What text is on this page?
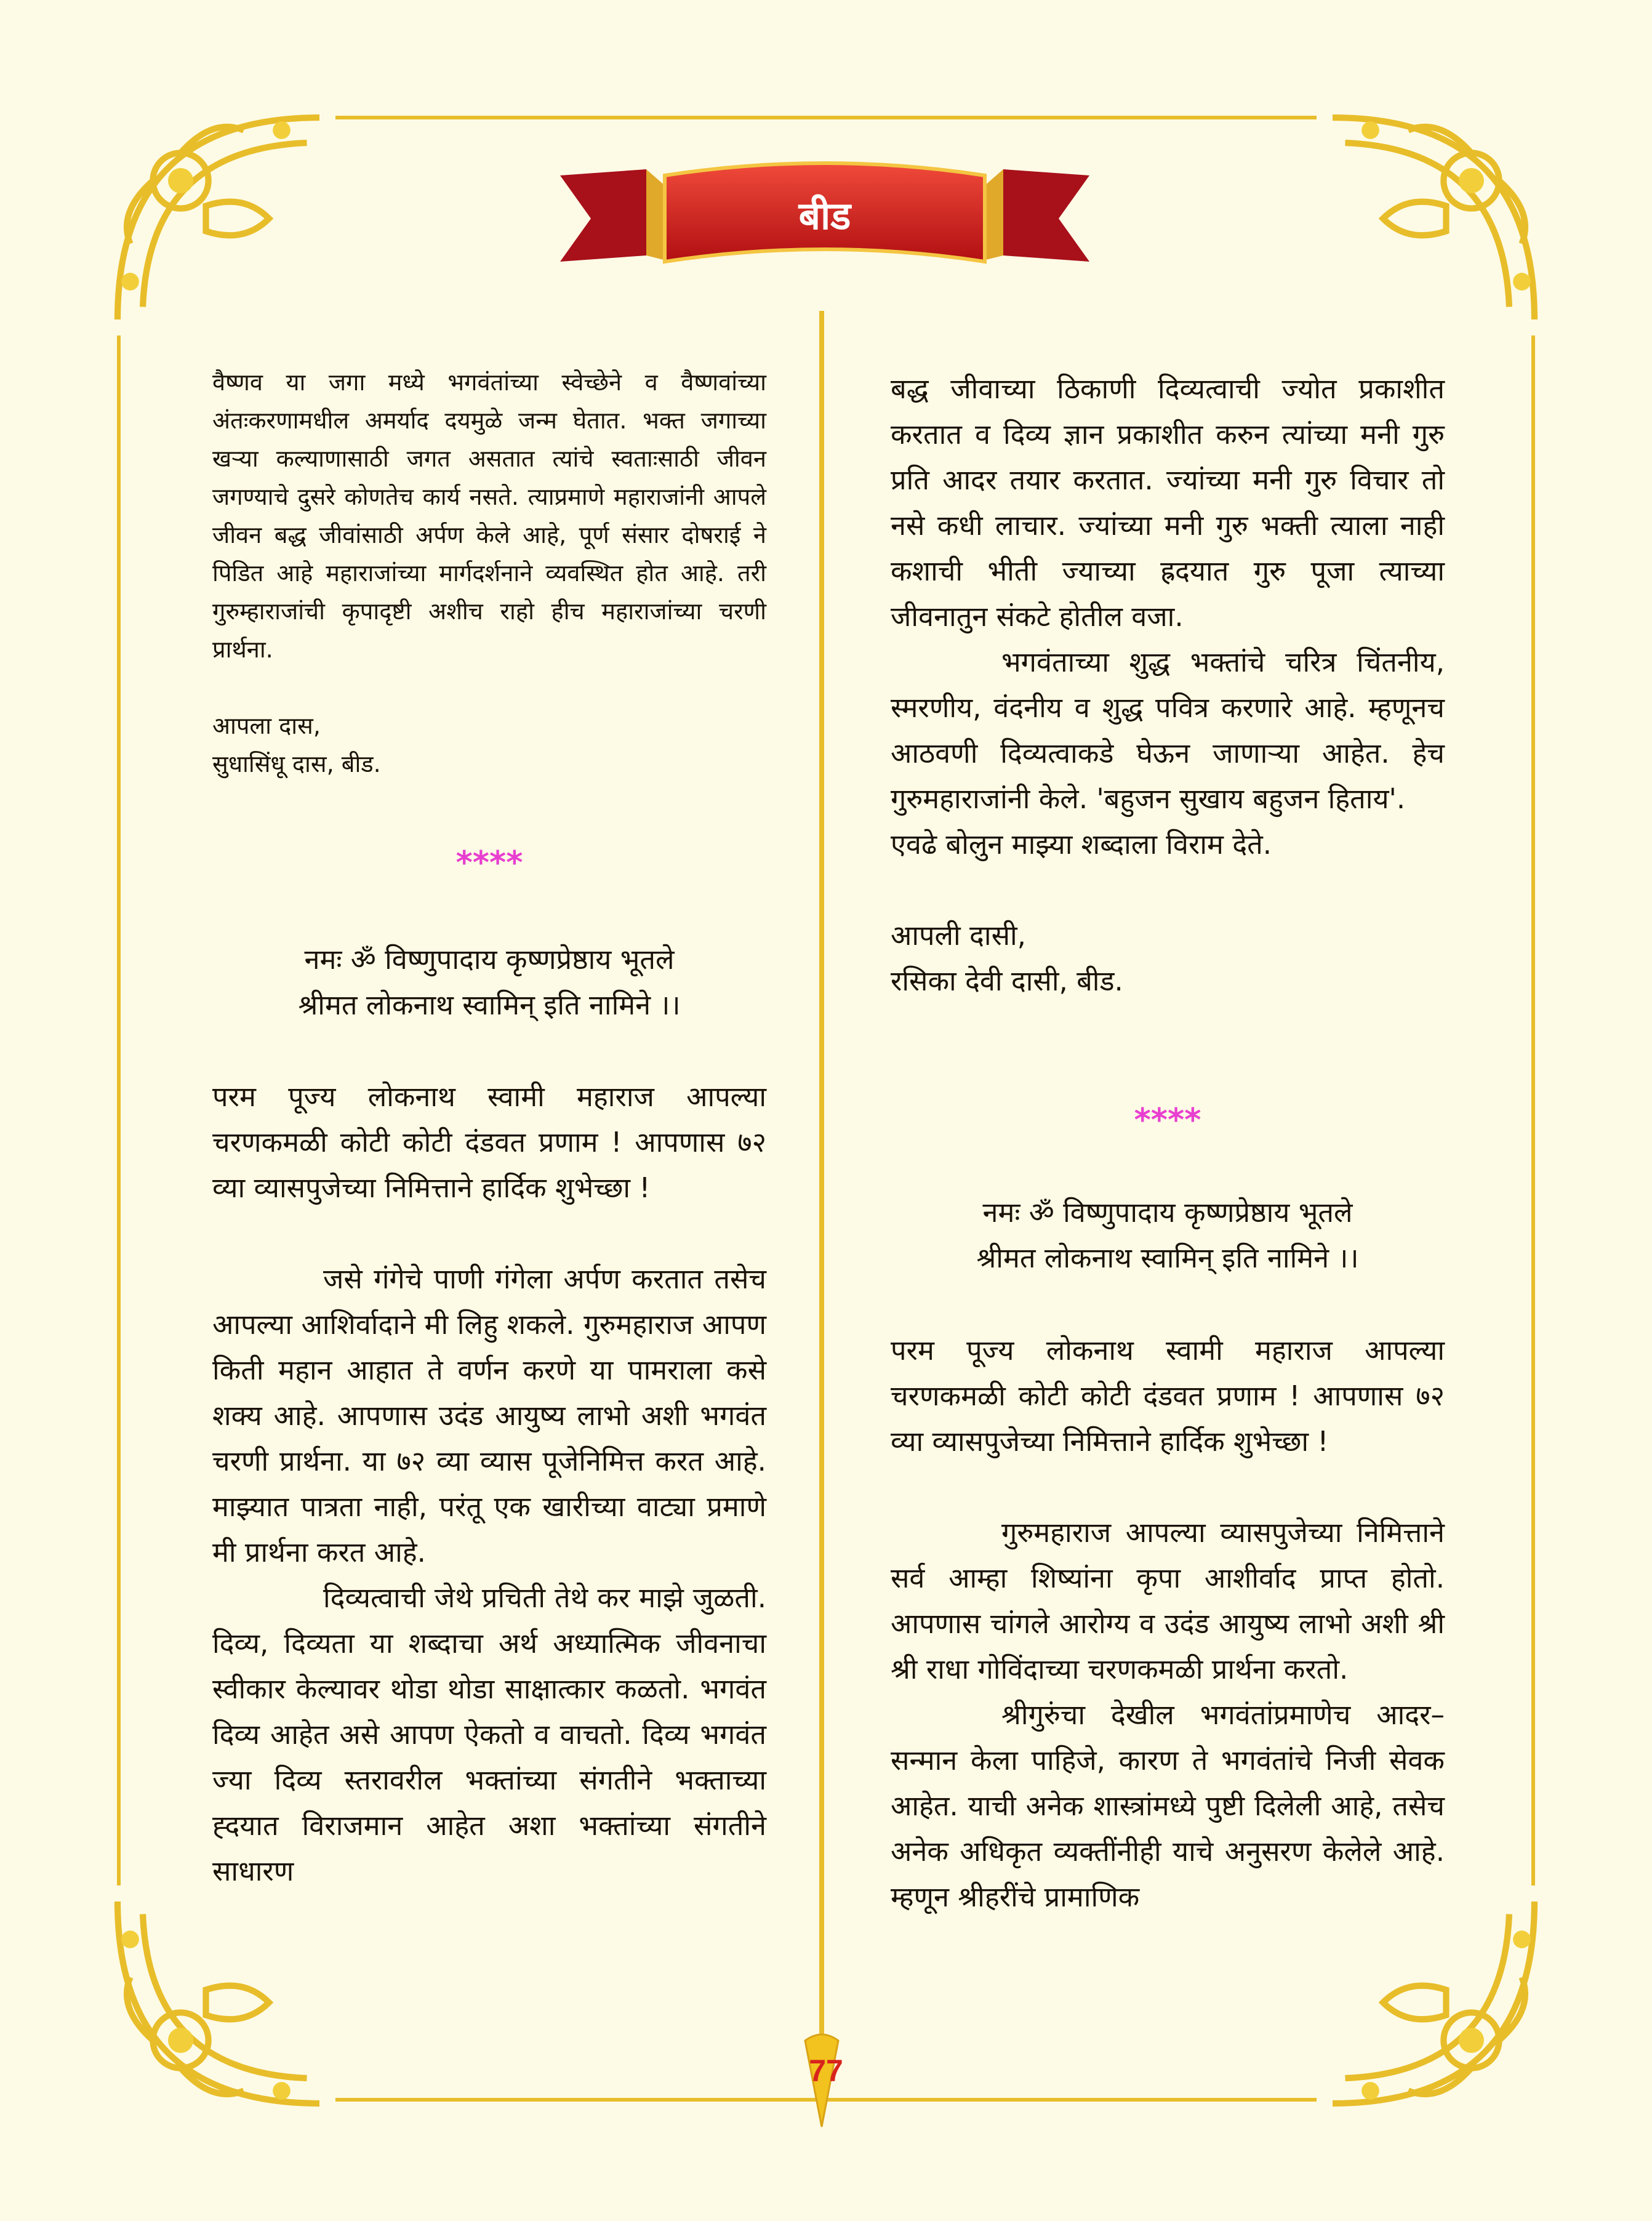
बीड

वैष्णव या जगा मध्ये भगवंतांच्या स्वेच्छेने व वैष्णवांच्या अंतःकरणामधील अमर्याद दयमुळे जन्म घेतात. भक्त जगाच्या खऱ्या कल्याणासाठी जगत असतात त्यांचे स्वताःसाठी जीवन जगण्याचे दुसरे कोणतेच कार्य नसते. त्याप्रमाणे महाराजांनी आपले जीवन बद्ध जीवांसाठी अर्पण केले आहे, पूर्ण संसार दोषराई ने पिडित आहे महाराजांच्या मार्गदर्शनाने व्यवस्थित होत आहे. तरी गुरुम्हाराजांची कृपादृष्टी अशीच राहो हीच महाराजांच्या चरणी प्रार्थना.

आपला दास,

सुधासिंधू दास, बीड.

****

नमः ॐ विष्णुपादाय कृष्णप्रेष्ठाय भूतले

श्रीमत लोकनाथ स्वामिन् इति नामिने ।।

परम पूज्य लोकनाथ स्वामी महाराज आपल्या चरणकमळी कोटी कोटी दंडवत प्रणाम ! आपणास ७२ व्या व्यासपुजेच्या निमित्ताने हार्दिक शुभेच्छा !

जसे गंगेचे पाणी गंगेला अर्पण करतात तसेच आपल्या आशिर्वादाने मी लिहु शकले. गुरुमहाराज आपण किती महान आहात ते वर्णन करणे या पामराला कसे शक्य आहे. आपणास उदंड आयुष्य लाभो अशी भगवंत चरणी प्रार्थना. या ७२ व्या व्यास पूजेनिमित्त करत आहे. माझ्यात पात्रता नाही, परंतू एक खारीच्या वाट्या प्रमाणे मी प्रार्थना करत आहे.

दिव्यत्वाची जेथे प्रचिती तेथे कर माझे जुळती. दिव्य, दिव्यता या शब्दाचा अर्थ अध्यात्मिक जीवनाचा स्वीकार केल्यावर थोडा थोडा साक्षात्कार कळतो. भगवंत दिव्य आहेत असे आपण ऐकतो व वाचतो. दिव्य भगवंत ज्या दिव्य स्तरावरील भक्तांच्या संगतीने भक्ताच्या ह्दयात विराजमान आहेत अशा भक्तांच्या संगतीने साधारण

बद्ध जीवाच्या ठिकाणी दिव्यत्वाची ज्योत प्रकाशीत करतात व दिव्य ज्ञान प्रकाशीत करुन त्यांच्या मनी गुरु प्रति आदर तयार करतात. ज्यांच्या मनी गुरु विचार तो नसे कधी लाचार. ज्यांच्या मनी गुरु भक्ती त्याला नाही कशाची भीती ज्याच्या ह्रदयात गुरु पूजा त्याच्या जीवनातुन संकटे होतील वजा.

भगवंताच्या शुद्ध भक्तांचे चरित्र चिंतनीय, स्मरणीय, वंदनीय व शुद्ध पवित्र करणारे आहे. म्हणूनच आठवणी दिव्यत्वाकडे घेऊन जाणाऱ्या आहेत. हेच गुरुमहाराजांनी केले. 'बहुजन सुखाय बहुजन हिताय'.

एवढे बोलुन माझ्या शब्दाला विराम देते.

आपली दासी,

रसिका देवी दासी, बीड.

****

नमः ॐ विष्णुपादाय कृष्णप्रेष्ठाय भूतले

श्रीमत लोकनाथ स्वामिन् इति नामिने ।।

परम पूज्य लोकनाथ स्वामी महाराज आपल्या चरणकमळी कोटी कोटी दंडवत प्रणाम ! आपणास ७२ व्या व्यासपुजेच्या निमित्ताने हार्दिक शुभेच्छा !

गुरुमहाराज आपल्या व्यासपुजेच्या निमित्ताने सर्व आम्हा शिष्यांना कृपा आशीर्वाद प्राप्त होतो. आपणास चांगले आरोग्य व उदंड आयुष्य लाभो अशी श्री श्री राधा गोविंदाच्या चरणकमळी प्रार्थना करतो.

श्रीगुरुंचा देखील भगवंतांप्रमाणेच आदर–सन्मान केला पाहिजे, कारण ते भगवंतांचे निजी सेवक आहेत. याची अनेक शास्त्रांमध्ये पुष्टी दिलेली आहे, तसेच अनेक अधिकृत व्यक्तींनीही याचे अनुसरण केलेले आहे. म्हणून श्रीहरींचे प्रामाणिक

77
